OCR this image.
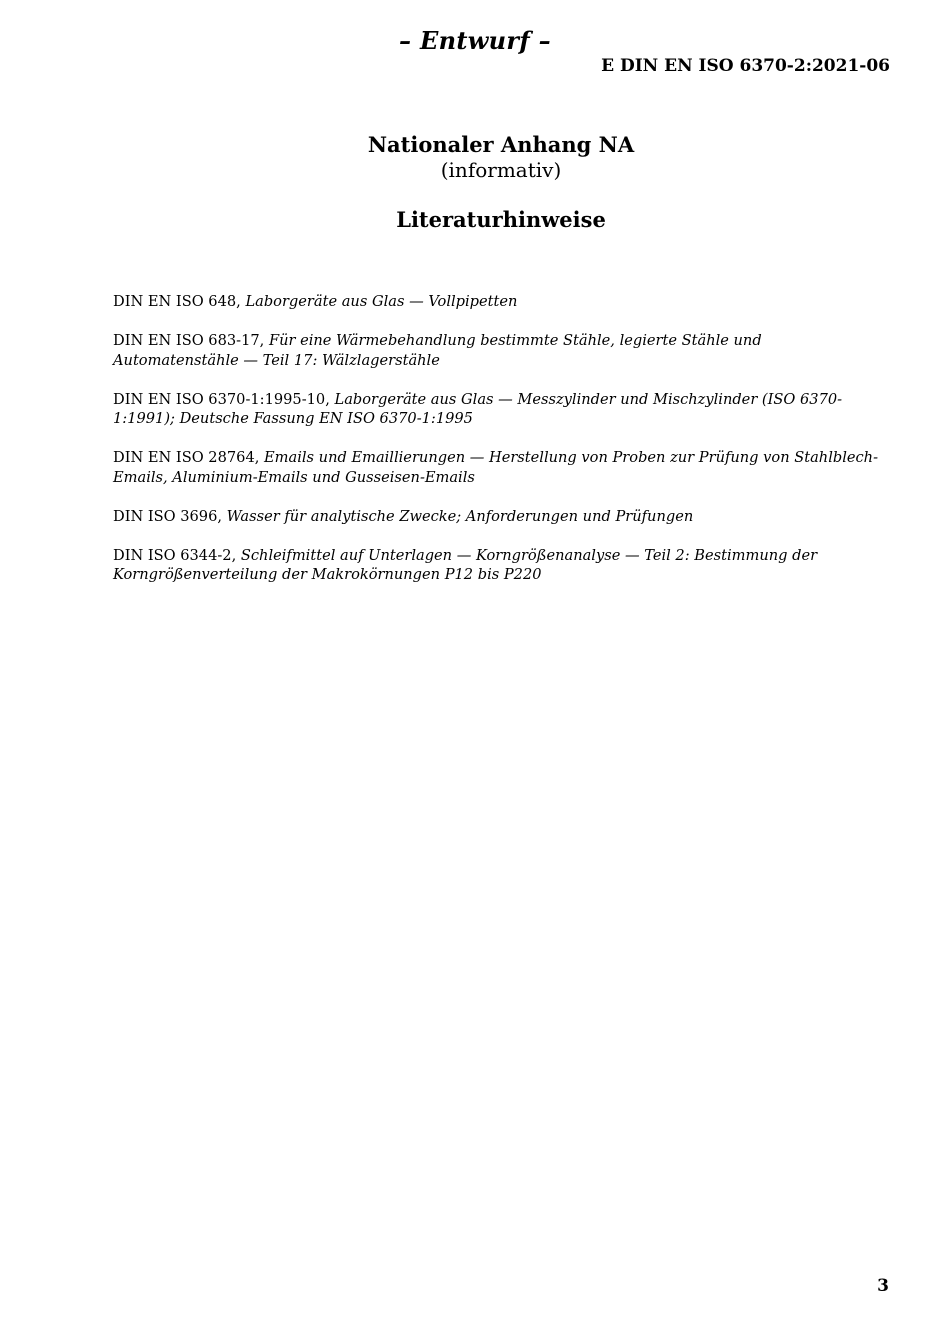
– Entwurf –
E DIN EN ISO 6370-2:2021-06
Nationaler Anhang NA
(informativ)
Literaturhinweise
DIN EN ISO 648, Laborgeräte aus Glas — Vollpipetten
DIN EN ISO 683-17, Für eine Wärmebehandlung bestimmte Stähle, legierte Stähle und Automatenstähle — Teil 17: Wälzlagerstähle
DIN EN ISO 6370-1:1995-10, Laborgeräte aus Glas — Messzylinder und Mischzylinder (ISO 6370-1:1991); Deutsche Fassung EN ISO 6370-1:1995
DIN EN ISO 28764, Emails und Emaillierungen — Herstellung von Proben zur Prüfung von Stahlblech-Emails, Aluminium-Emails und Gusseisen-Emails
DIN ISO 3696, Wasser für analytische Zwecke; Anforderungen und Prüfungen
DIN ISO 6344-2, Schleifmittel auf Unterlagen — Korngrößenanalyse — Teil 2: Bestimmung der Korngrößenverteilung der Makrokörnungen P12 bis P220
3
